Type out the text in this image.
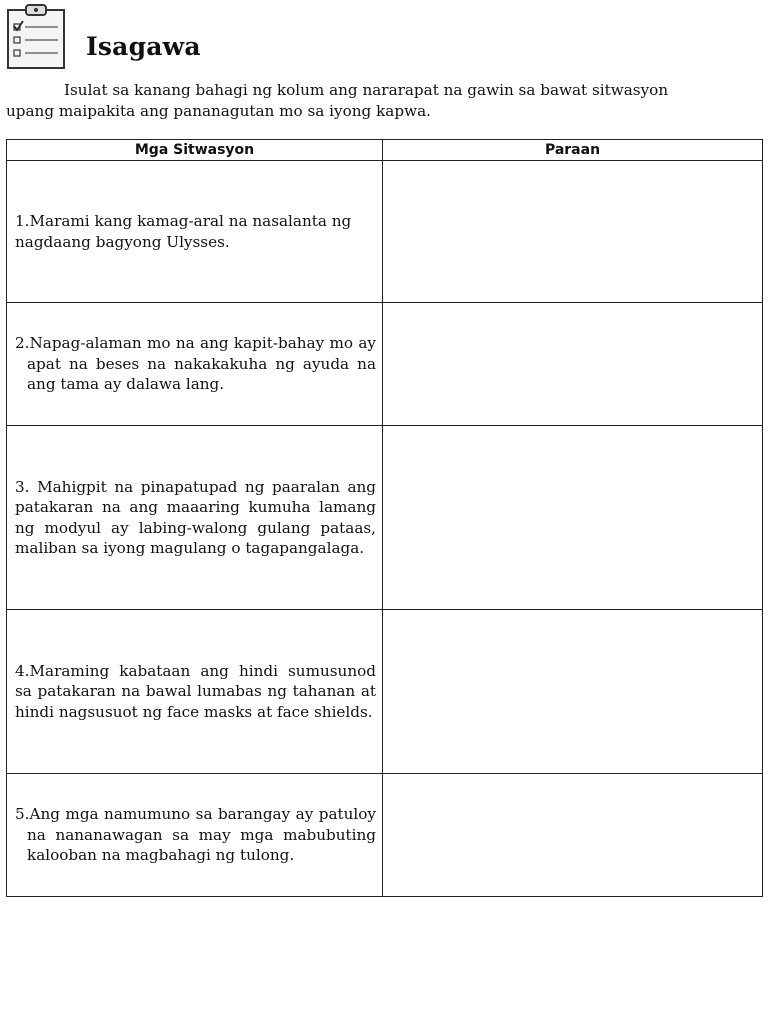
Isagawa
Isulat sa kanang bahagi ng kolum ang nararapat na gawin sa bawat sitwasyon
upang maipakita ang pananagutan mo sa iyong kapwa.
Mga Sitwasyon	Paraan

1.Marami kang kamag-aral na nasalanta ng nagdaang bagyong Ulysses.	

2.Napag-alaman mo na ang kapit-bahay mo ay apat na beses na nakakakuha ng ayuda na ang tama ay dalawa lang.	

3. Mahigpit na pinapatupad ng paaralan ang patakaran na ang maaaring kumuha lamang ng modyul ay labing-walong gulang pataas, maliban sa iyong magulang o tagapangalaga.	

4.Maraming kabataan ang hindi sumusunod sa patakaran na bawal lumabas ng tahanan at hindi nagsusuot ng face masks at face shields.	

5.Ang mga namumuno sa barangay ay patuloy na nananawagan sa may mga mabubuting kalooban na magbahagi ng tulong.	
